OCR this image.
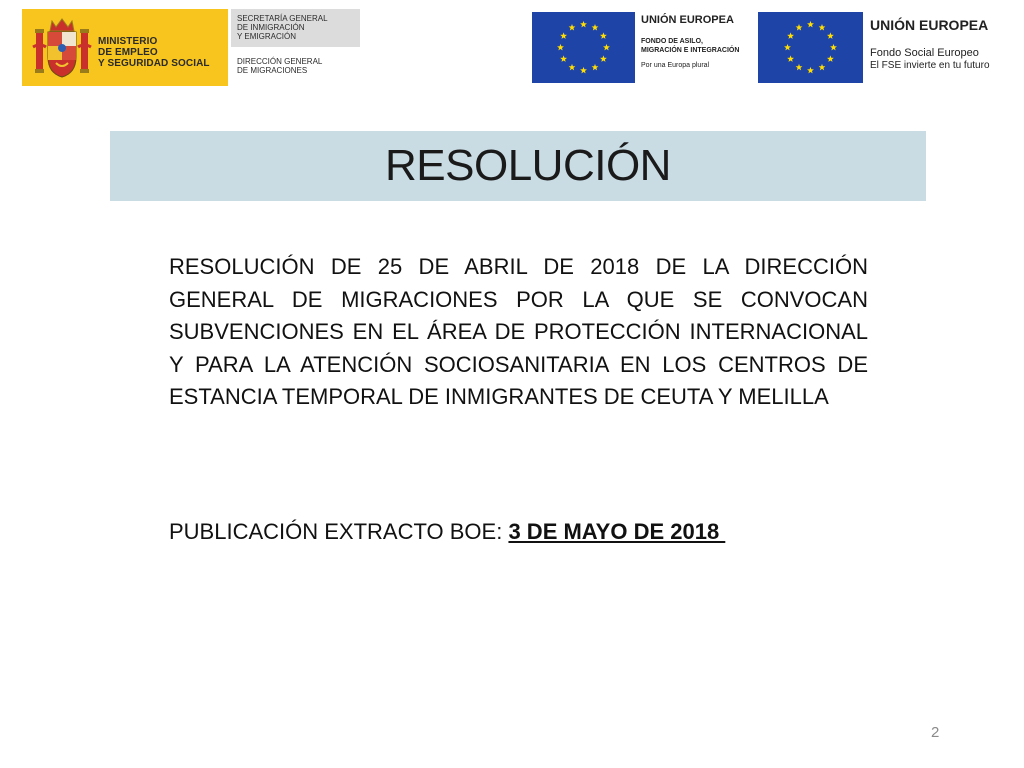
MINISTERIO
DE EMPLEO
Y SEGURIDAD SOCIAL
SECRETARÍA GENERAL
DE INMIGRACIÓN
Y EMIGRACIÓN
DIRECCIÓN GENERAL
DE MIGRACIONES
UNIÓN EUROPEA
FONDO DE ASILO,
MIGRACIÓN E INTEGRACIÓN
Por una Europa plural
UNIÓN EUROPEA
Fondo Social Europeo
El FSE invierte en tu futuro
RESOLUCIÓN
RESOLUCIÓN DE 25 DE ABRIL DE 2018 DE LA DIRECCIÓN GENERAL DE MIGRACIONES POR LA QUE SE CONVOCAN SUBVENCIONES EN EL ÁREA DE PROTECCIÓN INTERNACIONAL Y PARA LA ATENCIÓN SOCIOSANITARIA EN LOS CENTROS DE ESTANCIA TEMPORAL DE INMIGRANTES DE CEUTA Y MELILLA
PUBLICACIÓN EXTRACTO BOE: 3 DE MAYO DE 2018
2
